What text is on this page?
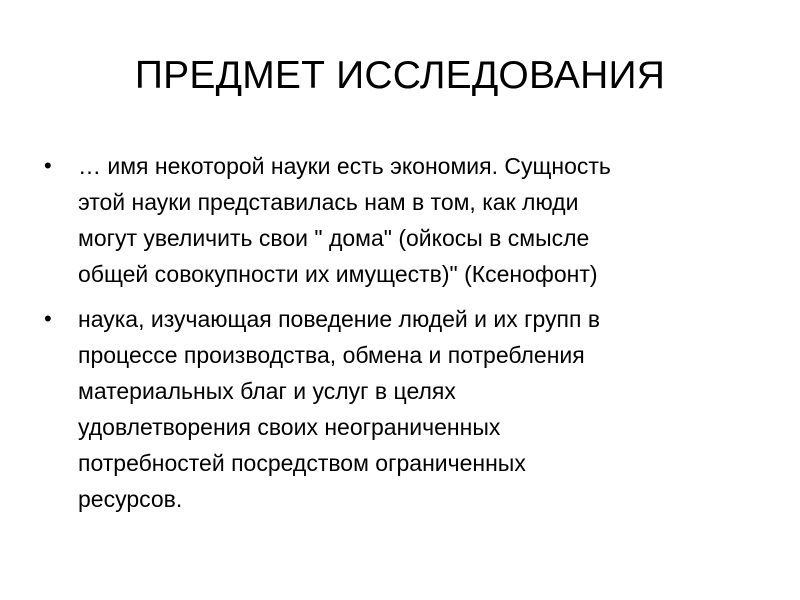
ПРЕДМЕТ ИССЛЕДОВАНИЯ
• … имя некоторой науки есть экономия. Сущность
этой науки представилась нам в том, как люди
могут увеличить свои " дома" (ойкосы в смысле
общей совокупности их имуществ)" (Ксенофонт)
• наука, изучающая поведение людей и их групп в
процессе производства, обмена и потребления
материальных благ и услуг в целях
удовлетворения своих неограниченных
потребностей посредством ограниченных
ресурсов.
